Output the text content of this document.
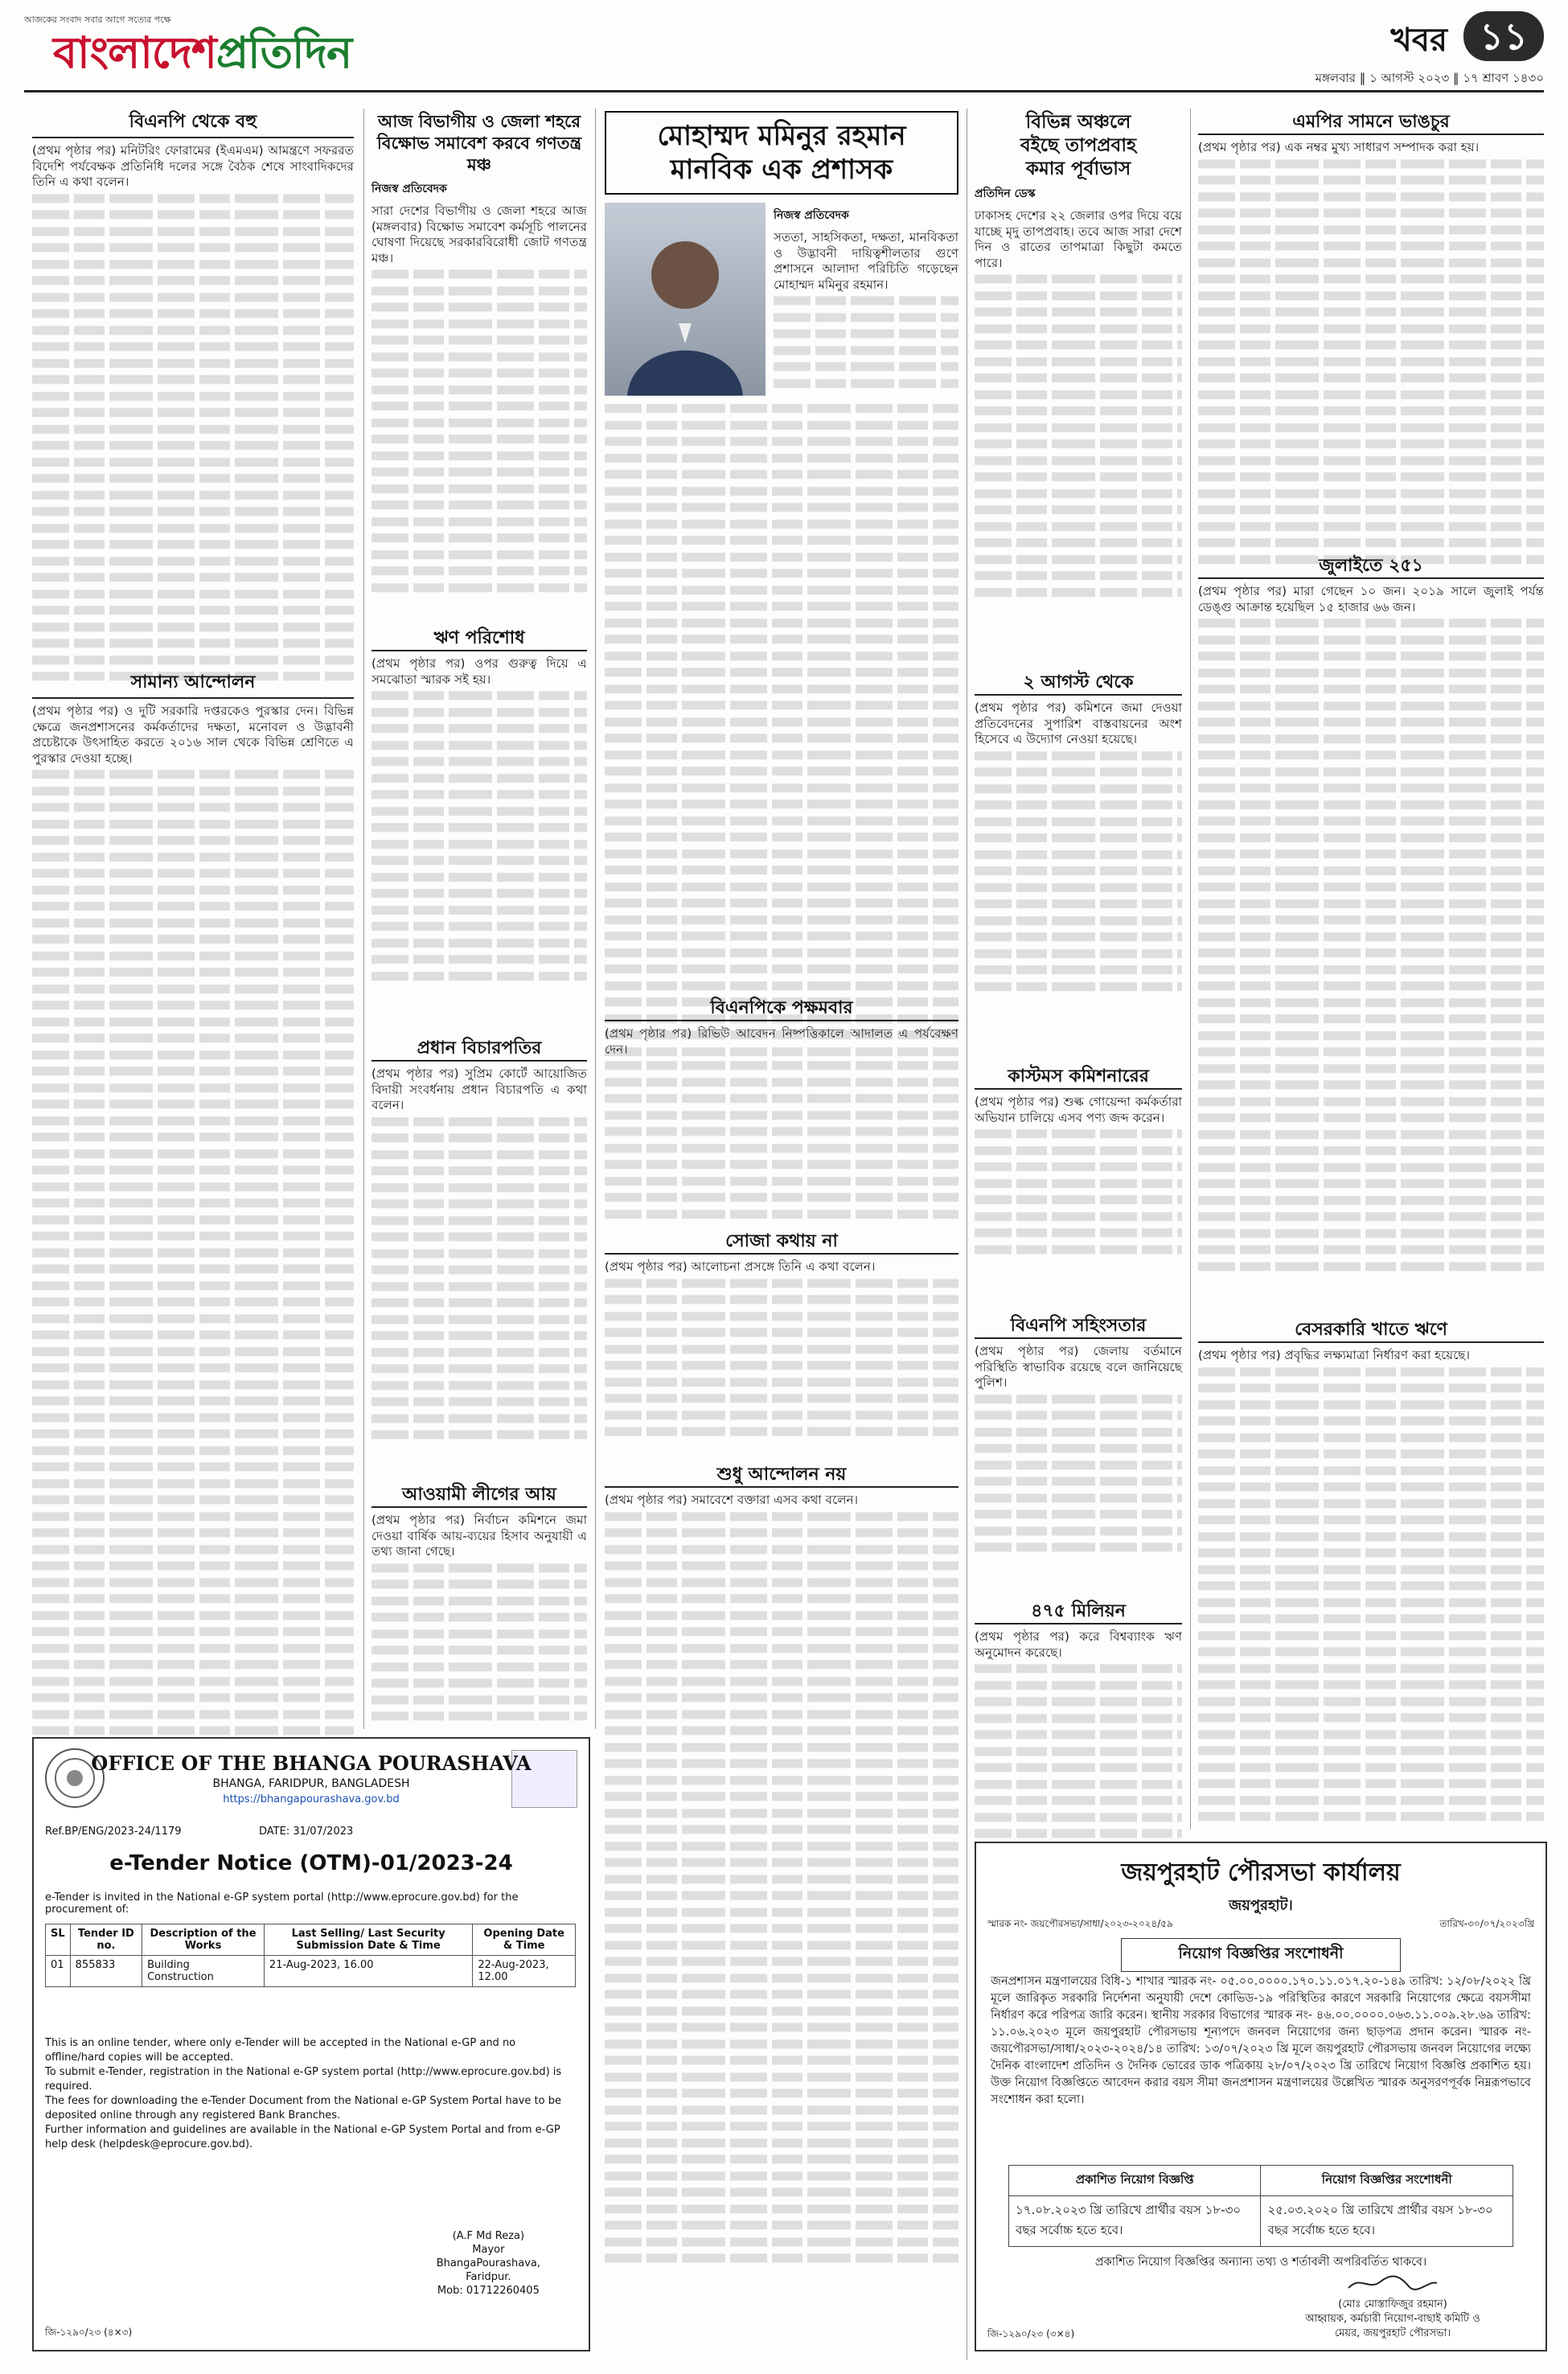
আজকের সংবাদ সবার আগে সত্যের পক্ষে
বাংলাদেশপ্রতিদিন	খবর ১১
মঙ্গলবার ‖ ১ আগস্ট ২০২৩ ‖ ১৭ শ্রাবণ ১৪৩০
বিএনপি থেকে বহু
(প্রথম পৃষ্ঠার পর) মনিটরিং ফোরামের (ইএমএম) আমন্ত্রণে সফররত বিদেশি পর্যবেক্ষক প্রতিনিধি দলের সঙ্গে বৈঠক শেষে সাংবাদিকদের তিনি এ কথা বলেন।
সামান্য আন্দোলন
(প্রথম পৃষ্ঠার পর) ও দুটি সরকারি দপ্তরকেও পুরস্কার দেন। বিভিন্ন ক্ষেত্রে জনপ্রশাসনের কর্মকর্তাদের দক্ষতা, মনোবল ও উদ্ভাবনী প্রচেষ্টাকে উৎসাহিত করতে ২০১৬ সাল থেকে বিভিন্ন শ্রেণিতে এ পুরস্কার দেওয়া হচ্ছে।
আজ বিভাগীয় ও জেলা শহরে বিক্ষোভ সমাবেশ করবে গণতন্ত্র মঞ্চ
নিজস্ব প্রতিবেদক
সারা দেশের বিভাগীয় ও জেলা শহরে আজ (মঙ্গলবার) বিক্ষোভ সমাবেশ কর্মসূচি পালনের ঘোষণা দিয়েছে সরকারবিরোধী জোট গণতন্ত্র মঞ্চ।
ঋণ পরিশোধ
(প্রথম পৃষ্ঠার পর) ওপর গুরুত্ব দিয়ে এ সমঝোতা স্মারক সই হয়।
প্রধান বিচারপতির
(প্রথম পৃষ্ঠার পর) সুপ্রিম কোর্টে আয়োজিত বিদায়ী সংবর্ধনায় প্রধান বিচারপতি এ কথা বলেন।
আওয়ামী লীগের আয়
(প্রথম পৃষ্ঠার পর) নির্বাচন কমিশনে জমা দেওয়া বার্ষিক আয়-ব্যয়ের হিসাব অনুযায়ী এ তথ্য জানা গেছে।
মোহাম্মদ মমিনুর রহমান
মানবিক এক প্রশাসক
নিজস্ব প্রতিবেদক
সততা, সাহসিকতা, দক্ষতা, মানবিকতা ও উদ্ভাবনী দায়িত্বশীলতার গুণে প্রশাসনে আলাদা পরিচিতি গড়েছেন মোহাম্মদ মমিনুর রহমান।
বিএনপিকে পক্ষমবার
(প্রথম পৃষ্ঠার পর) রিভিউ আবেদন নিষ্পত্তিকালে আদালত এ পর্যবেক্ষণ দেন।
সোজা কথায় না
(প্রথম পৃষ্ঠার পর) আলোচনা প্রসঙ্গে তিনি এ কথা বলেন।
শুধু আন্দোলন নয়
(প্রথম পৃষ্ঠার পর) সমাবেশে বক্তারা এসব কথা বলেন।
বিভিন্ন অঞ্চলে
বইছে তাপপ্রবাহ
কমার পূর্বাভাস
প্রতিদিন ডেস্ক
ঢাকাসহ দেশের ২২ জেলার ওপর দিয়ে বয়ে যাচ্ছে মৃদু তাপপ্রবাহ। তবে আজ সারা দেশে দিন ও রাতের তাপমাত্রা কিছুটা কমতে পারে।
২ আগস্ট থেকে
(প্রথম পৃষ্ঠার পর) কমিশনে জমা দেওয়া প্রতিবেদনের সুপারিশ বাস্তবায়নের অংশ হিসেবে এ উদ্যোগ নেওয়া হয়েছে।
কাস্টমস কমিশনারের
(প্রথম পৃষ্ঠার পর) শুল্ক গোয়েন্দা কর্মকর্তারা অভিযান চালিয়ে এসব পণ্য জব্দ করেন।
বিএনপি সহিংসতার
(প্রথম পৃষ্ঠার পর) জেলায় বর্তমানে পরিস্থিতি স্বাভাবিক রয়েছে বলে জানিয়েছে পুলিশ।
৪৭৫ মিলিয়ন
(প্রথম পৃষ্ঠার পর) করে বিশ্বব্যাংক ঋণ অনুমোদন করেছে।
এমপির সামনে ভাঙচুর
(প্রথম পৃষ্ঠার পর) এক নম্বর মুখ্য সাধারণ সম্পাদক করা হয়।
জুলাইতে ২৫১
(প্রথম পৃষ্ঠার পর) মারা গেছেন ১০ জন। ২০১৯ সালে জুলাই পর্যন্ত ডেঙ্গু আক্রান্ত হয়েছিল ১৫ হাজার ৬৬ জন।
বেসরকারি খাতে ঋণে
(প্রথম পৃষ্ঠার পর) প্রবৃদ্ধির লক্ষ্যমাত্রা নির্ধারণ করা হয়েছে।
OFFICE OF THE BHANGA POURASHAVA
BHANGA, FARIDPUR, BANGLADESH
https://bhangapourashava.gov.bd
Ref.BP/ENG/2023-24/1179	DATE: 31/07/2023
e-Tender Notice (OTM)-01/2023-24
e-Tender is invited in the National e-GP system portal (http://www.eprocure.gov.bd) for the procurement of:
SL	Tender ID no.	Description of the Works	Last Selling/ Last Security Submission Date & Time	Opening Date & Time
01	855833	Building Construction	21-Aug-2023, 16.00	22-Aug-2023, 12.00
This is an online tender, where only e-Tender will be accepted in the National e-GP and no offline/hard copies will be accepted.
To submit e-Tender, registration in the National e-GP system portal (http://www.eprocure.gov.bd) is required.
The fees for downloading the e-Tender Document from the National e-GP System Portal have to be deposited online through any registered Bank Branches.
Further information and guidelines are available in the National e-GP System Portal and from e-GP help desk (helpdesk@eprocure.gov.bd).
(A.F Md Reza)
Mayor
BhangaPourashava,
Faridpur.
Mob: 01712260405
জি-১২৯০/২৩ (৪×৩)
জয়পুরহাট পৌরসভা কার্যালয়
জয়পুরহাট।
স্মারক নং- জয়পৌরসভা/সাধা/২০২৩-২০২৪/৫৯	তারিখ-৩০/০৭/২০২৩খ্রি
নিয়োগ বিজ্ঞপ্তির সংশোধনী
জনপ্রশাসন মন্ত্রণালয়ের বিধি-১ শাখার স্মারক নং- ০৫.০০.০০০০.১৭০.১১.০১৭.২০-১৪৯ তারিখ: ১২/০৮/২০২২ খ্রি মূলে জারিকৃত সরকারি নির্দেশনা অনুযায়ী দেশে কোভিড-১৯ পরিস্থিতির কারণে সরকারি নিয়োগের ক্ষেত্রে বয়সসীমা নির্ধারণ করে পরিপত্র জারি করেন। স্থানীয় সরকার বিভাগের স্মারক নং- ৪৬.০০.০০০০.০৬৩.১১.০০৯.২৮.৬৯ তারিখ: ১১.০৬.২০২৩ মূলে জয়পুরহাট পৌরসভায় শূন্যপদে জনবল নিয়োগের জন্য ছাড়পত্র প্রদান করেন। স্মারক নং- জয়পৌরসভা/সাধা/২০২৩-২০২৪/১৪ তারিখ: ১৩/০৭/২০২৩ খ্রি মূলে জয়পুরহাট পৌরসভায় জনবল নিয়োগের লক্ষ্যে দৈনিক বাংলাদেশ প্রতিদিন ও দৈনিক ভোরের ডাক পত্রিকায় ২৮/০৭/২০২৩ খ্রি তারিখে নিয়োগ বিজ্ঞপ্তি প্রকাশিত হয়। উক্ত নিয়োগ বিজ্ঞপ্তিতে আবেদন করার বয়স সীমা জনপ্রশাসন মন্ত্রণালয়ের উল্লেখিত স্মারক অনুসরণপূর্বক নিম্নরূপভাবে সংশোধন করা হলো।
প্রকাশিত নিয়োগ বিজ্ঞপ্তি	নিয়োগ বিজ্ঞপ্তির সংশোধনী
১৭.০৮.২০২৩ খ্রি তারিখে প্রার্থীর বয়স ১৮-৩০ বছর সর্বোচ্চ হতে হবে।	২৫.০৩.২০২০ খ্রি তারিখে প্রার্থীর বয়স ১৮-৩০ বছর সর্বোচ্চ হতে হবে।
প্রকাশিত নিয়োগ বিজ্ঞপ্তির অন্যান্য তথ্য ও শর্তাবলী অপরিবর্তিত থাকবে।
(মোঃ মোস্তাফিজুর রহমান)
আহ্বায়ক, কর্মচারী নিয়োগ-বাছাই কমিটি ও
মেয়র, জয়পুরহাট পৌরসভা।
জি-১২৯০/২৩ (৩×৪)
